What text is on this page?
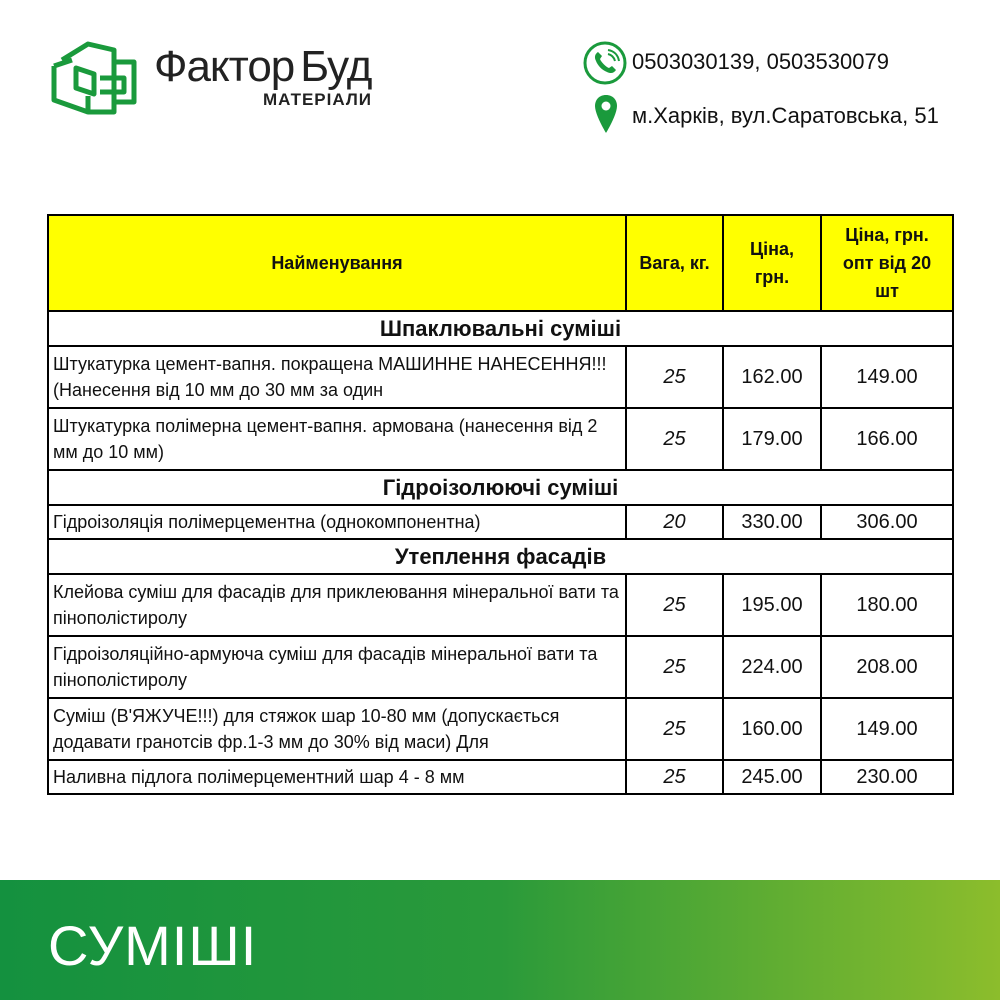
Фактор Буд
МАТЕРІАЛИ
0503030139, 0503530079
м.Харків, вул.Саратовська, 51
Найменування	Вага, кг.	Ціна, грн.	Ціна, грн. опт від 20 шт
Шпаклювальні суміші			

Штукатурка цемент-вапня. покращена МАШИННЕ НАНЕСЕННЯ!!! (Нанесення від 10 мм до 30 мм за один	25	162.00	149.00

Штукатурка полімерна цемент-вапня. армована (нанесення від 2 мм до 10 мм)	25	179.00	166.00
Гідроізолюючі суміші			

Гідроізоляція полімерцементна (однокомпонентна)	20	330.00	306.00
Утеплення фасадів			

Клейова суміш для фасадів для приклеювання мінеральної вати та пінополістиролу	25	195.00	180.00

Гідроізоляційно-армуюча суміш для фасадів мінеральної вати та пінополістиролу	25	224.00	208.00

Суміш (В'ЯЖУЧЕ!!!) для стяжок шар 10-80 мм (допускається додавати гранотсів фр.1-3 мм до 30% від маси) Для	25	160.00	149.00

Наливна підлога полімерцементний шар 4 - 8 мм	25	245.00	230.00
СУМІШІ
